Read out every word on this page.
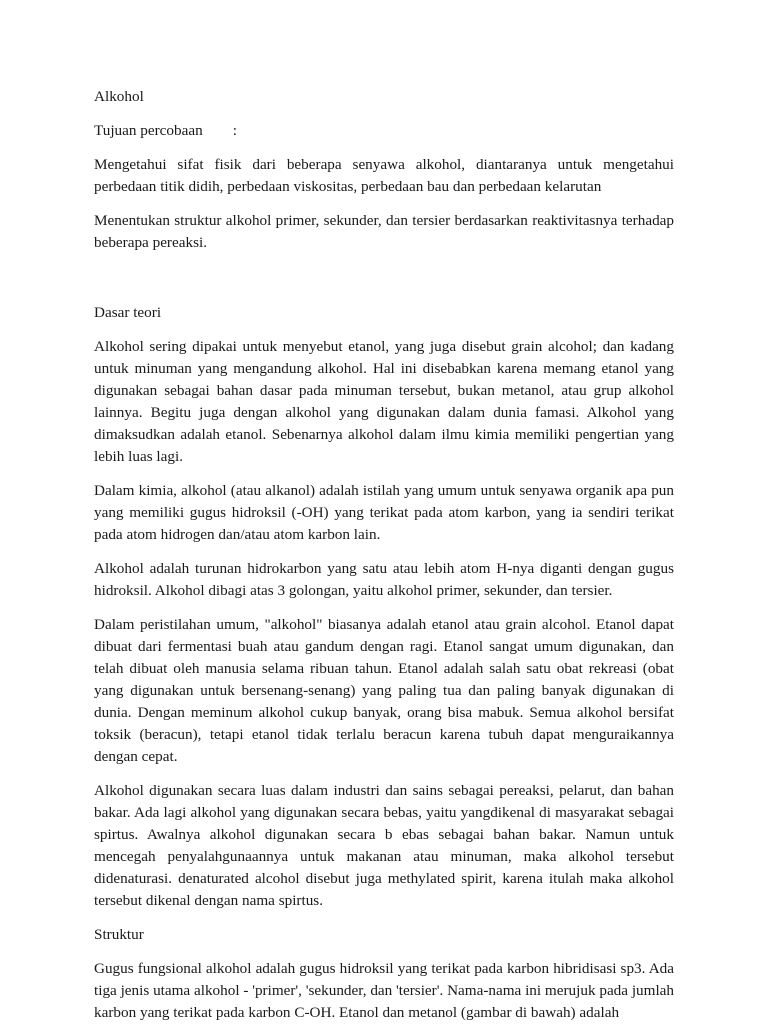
Alkohol
Tujuan percobaan :

Mengetahui sifat fisik dari beberapa senyawa alkohol, diantaranya untuk mengetahui perbedaan titik didih, perbedaan viskositas, perbedaan bau dan perbedaan kelarutan

Menentukan struktur alkohol primer, sekunder, dan tersier berdasarkan reaktivitasnya terhadap beberapa pereaksi.

Dasar teori

Alkohol sering dipakai untuk menyebut etanol, yang juga disebut grain alcohol; dan kadang untuk minuman yang mengandung alkohol. Hal ini disebabkan karena memang etanol yang digunakan sebagai bahan dasar pada minuman tersebut, bukan metanol, atau grup alkohol lainnya. Begitu juga dengan alkohol yang digunakan dalam dunia famasi. Alkohol yang dimaksudkan adalah etanol. Sebenarnya alkohol dalam ilmu kimia memiliki pengertian yang lebih luas lagi.

Dalam kimia, alkohol (atau alkanol) adalah istilah yang umum untuk senyawa organik apa pun yang memiliki gugus hidroksil (-OH) yang terikat pada atom karbon, yang ia sendiri terikat pada atom hidrogen dan/atau atom karbon lain.

Alkohol adalah turunan hidrokarbon yang satu atau lebih atom H-nya diganti dengan gugus hidroksil. Alkohol dibagi atas 3 golongan, yaitu alkohol primer, sekunder, dan tersier.

Dalam peristilahan umum, "alkohol" biasanya adalah etanol atau grain alcohol. Etanol dapat dibuat dari fermentasi buah atau gandum dengan ragi. Etanol sangat umum digunakan, dan telah dibuat oleh manusia selama ribuan tahun. Etanol adalah salah satu obat rekreasi (obat yang digunakan untuk bersenang-senang) yang paling tua dan paling banyak digunakan di dunia. Dengan meminum alkohol cukup banyak, orang bisa mabuk. Semua alkohol bersifat toksik (beracun), tetapi etanol tidak terlalu beracun karena tubuh dapat menguraikannya dengan cepat.

Alkohol digunakan secara luas dalam industri dan sains sebagai pereaksi, pelarut, dan bahan bakar. Ada lagi alkohol yang digunakan secara bebas, yaitu yangdikenal di masyarakat sebagai spirtus. Awalnya alkohol digunakan secara b ebas sebagai bahan bakar. Namun untuk mencegah penyalahgunaannya untuk makanan atau minuman, maka alkohol tersebut didenaturasi. denaturated alcohol disebut juga methylated spirit, karena itulah maka alkohol tersebut dikenal dengan nama spirtus.

Struktur

Gugus fungsional alkohol adalah gugus hidroksil yang terikat pada karbon hibridisasi sp3. Ada tiga jenis utama alkohol - 'primer', 'sekunder, dan 'tersier'. Nama-nama ini merujuk pada jumlah karbon yang terikat pada karbon C-OH. Etanol dan metanol (gambar di bawah) adalah
